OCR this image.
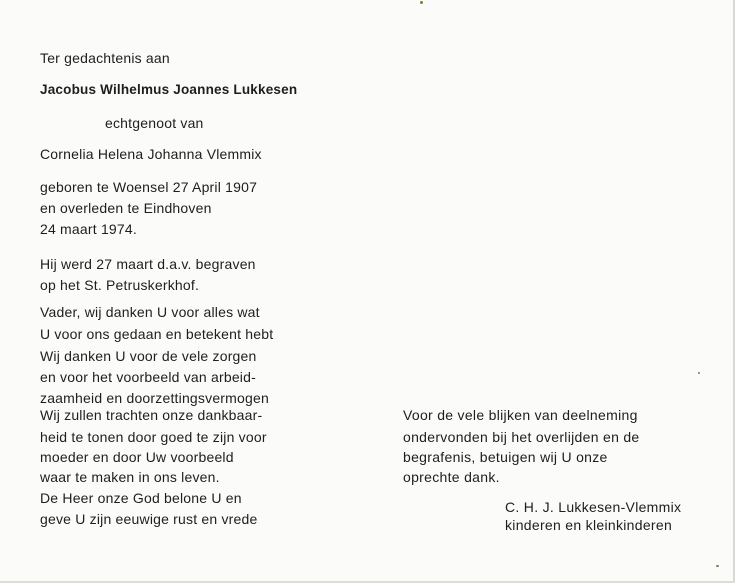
Ter gedachtenis aan
Jacobus Wilhelmus Joannes Lukkesen
echtgenoot van
Cornelia Helena Johanna Vlemmix
geboren te Woensel 27 April 1907
en overleden te Eindhoven
24 maart 1974.
Hij werd 27 maart d.a.v. begraven
op het St. Petruskerkhof.
Vader, wij danken U voor alles wat
U voor ons gedaan en betekent hebt
Wij danken U voor de vele zorgen
en voor het voorbeeld van arbeid-
zaamheid en doorzettingsvermogen
Wij zullen trachten onze dankbaar-
heid te tonen door goed te zijn voor
moeder en door Uw voorbeeld
waar te maken in ons leven.
De Heer onze God belone U en
geve U zijn eeuwige rust en vrede
Voor de vele blijken van deelneming
ondervonden bij het overlijden en de
begrafenis, betuigen wij U onze
oprechte dank.
C. H. J. Lukkesen-Vlemmix
kinderen en kleinkinderen
